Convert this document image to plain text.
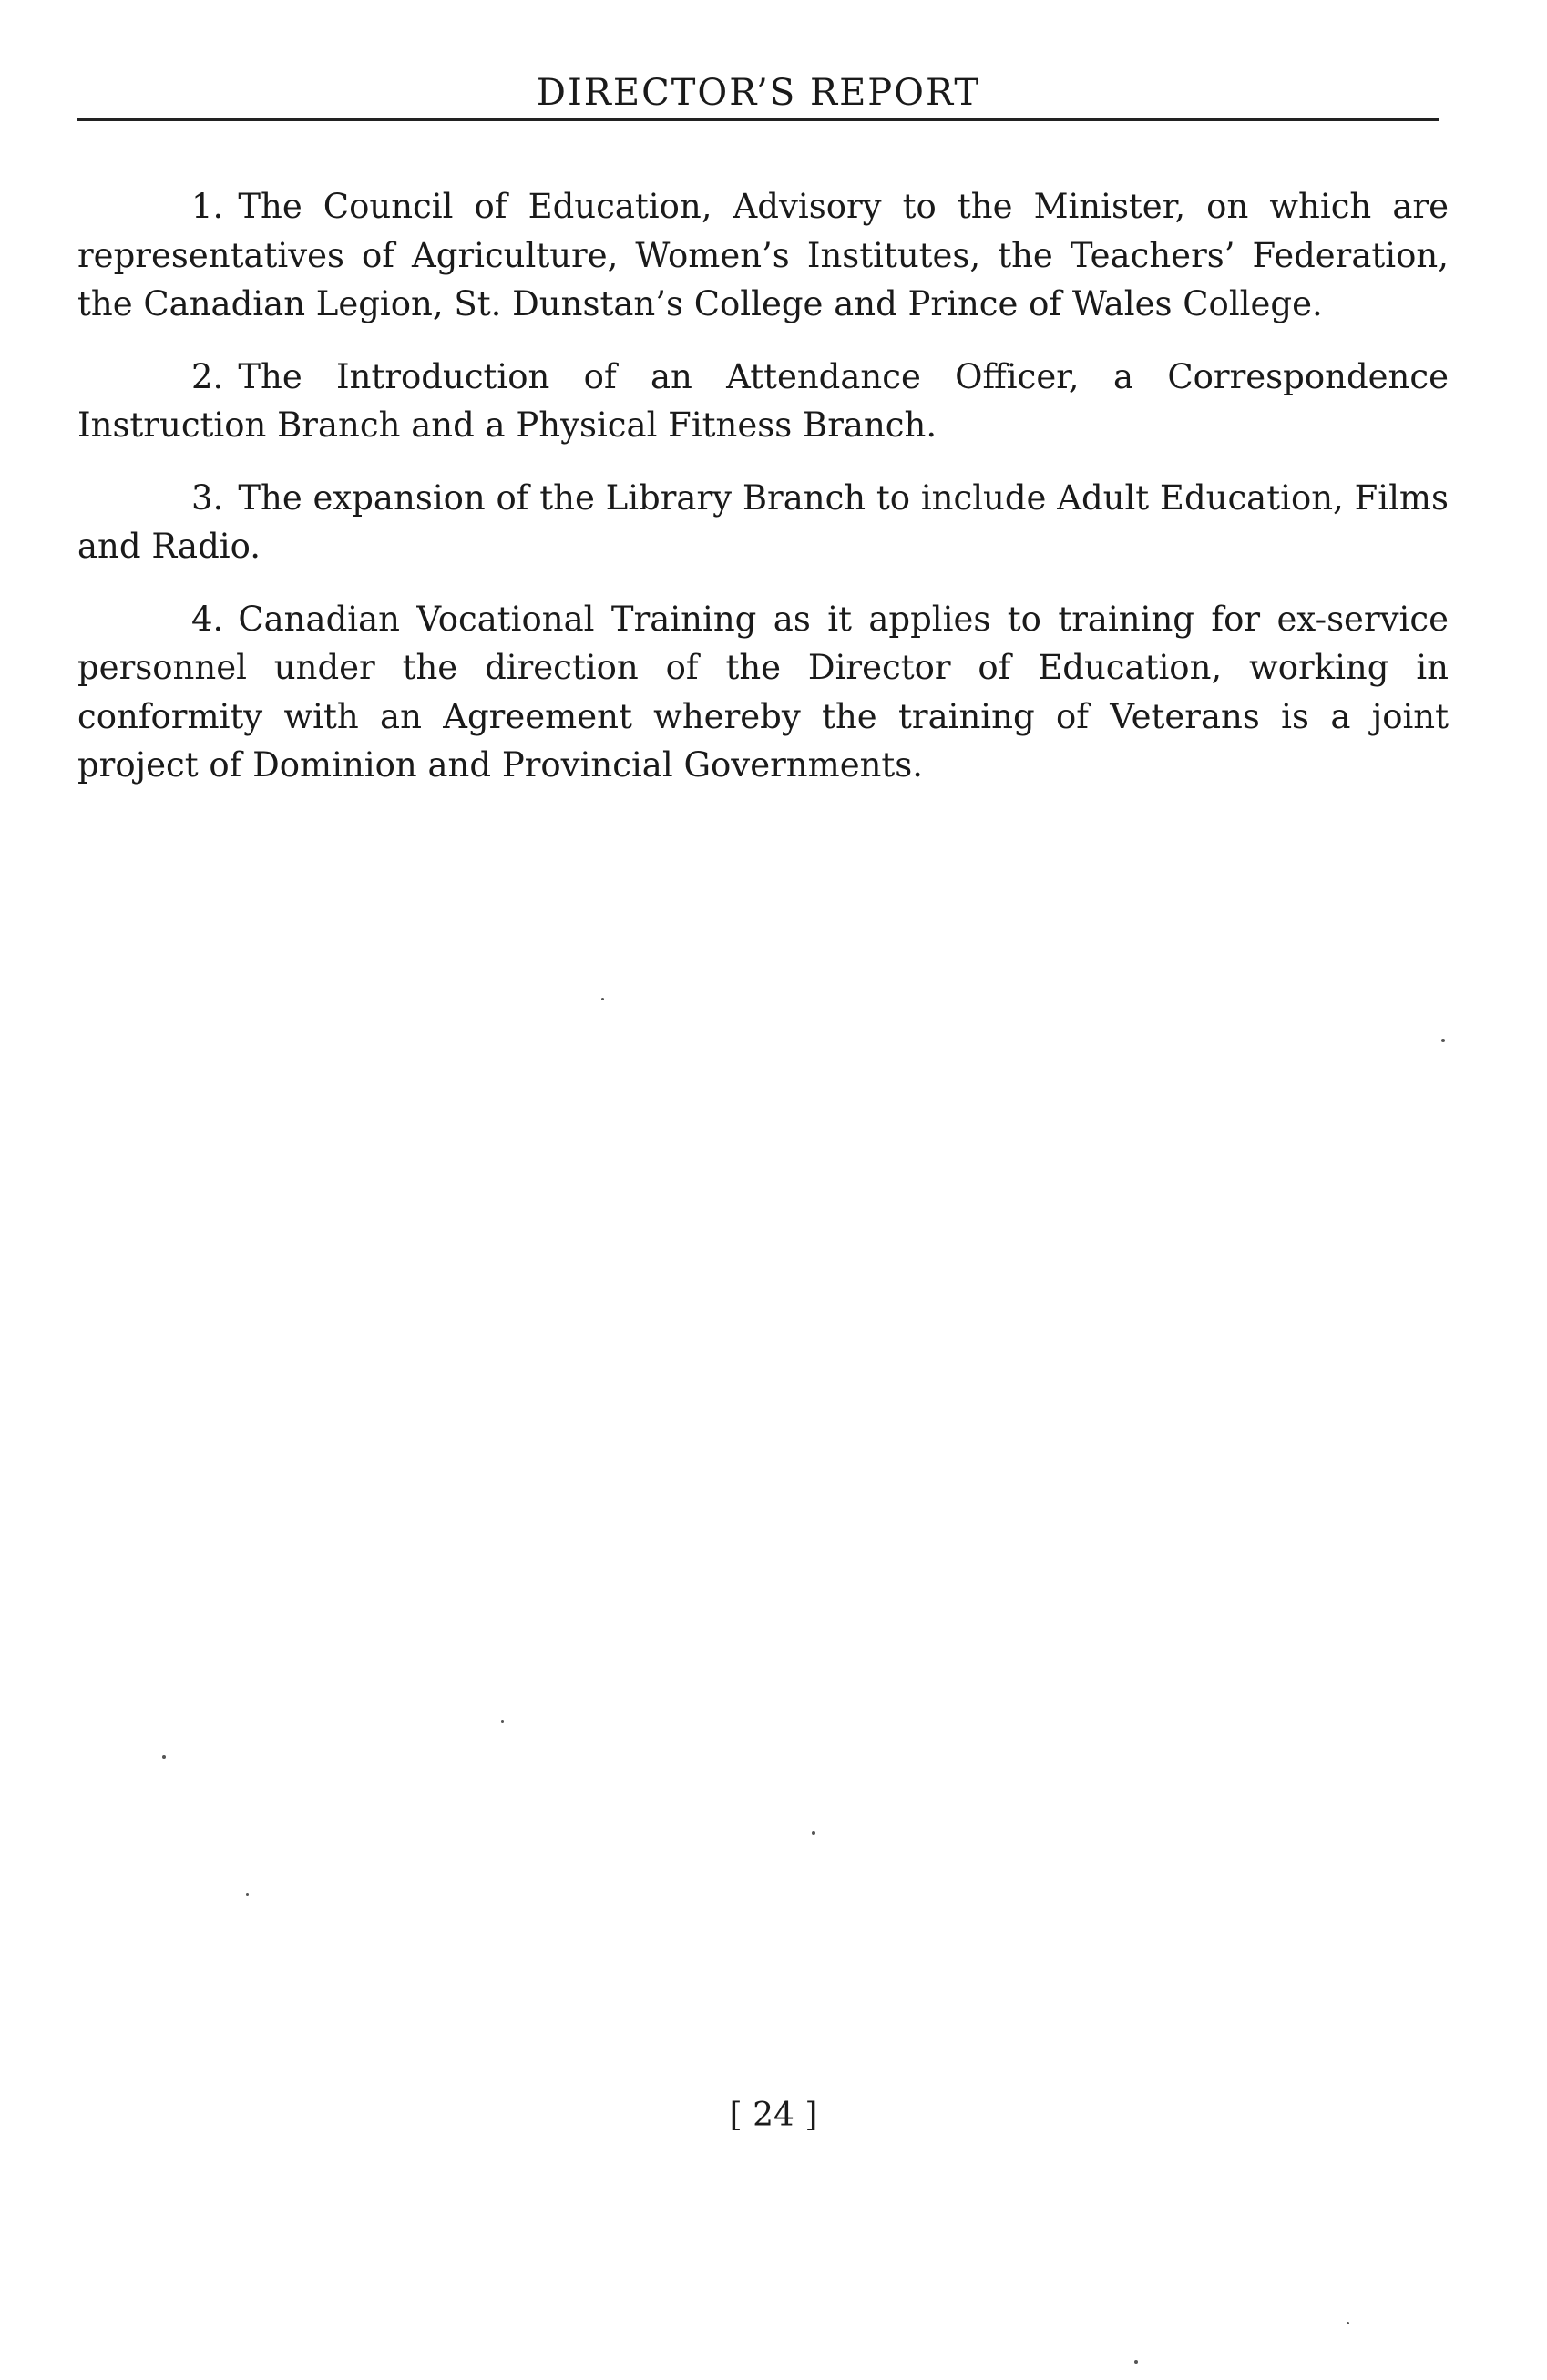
DIRECTOR’S REPORT

1. The Council of Education, Advisory to the Minister, on which are representatives of Agriculture, Women’s Institutes, the Teachers’ Federation, the Canadian Legion, St. Dunstan’s College and Prince of Wales College.

2. The Introduction of an Attendance Officer, a Correspondence Instruction Branch and a Physical Fitness Branch.

3. The expansion of the Library Branch to include Adult Education, Films and Radio.

4. Canadian Vocational Training as it applies to training for ex-service personnel under the direction of the Director of Education, working in conformity with an Agreement whereby the training of Veterans is a joint project of Dominion and Provincial Governments.

[ 24 ]
